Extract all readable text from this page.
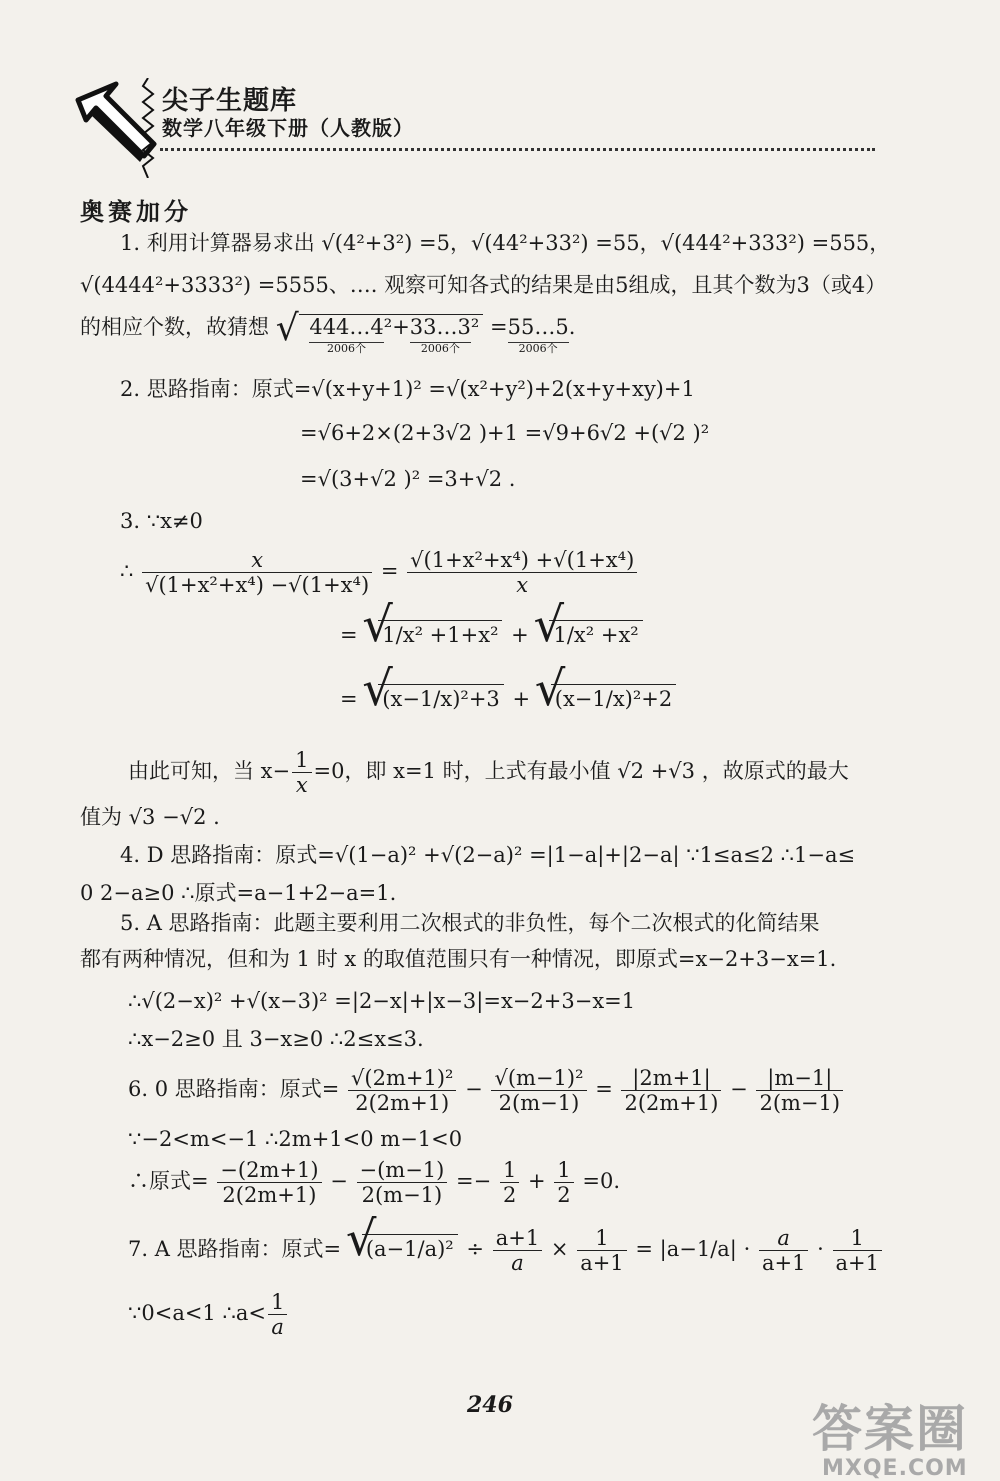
尖子生题库
数学八年级下册（人教版）
奥赛加分
1. 利用计算器易求出 √(4²+3²) =5，√(44²+33²) =55，√(444²+333²) =555，
√(4444²+3333²) =5555、…. 观察可知各式的结果是由5组成，且其个数为3（或4）
的相应个数，故猜想 √ 444…4
2006个
²+33…3
2006个
² =55…5
2006个
.
2. 思路指南：原式=√(x+y+1)² =√(x²+y²)+2(x+y+xy)+1
=√6+2×(2+3√2 )+1 =√9+6√2 +(√2 )²
=√(3+√2 )² =3+√2 .
3. ∵x≠0
∴ $\frac{x}{\text{√(1+x²+x⁴) −√(1+x⁴)}} = \frac{\text{√(1+x²+x⁴) +√(1+x⁴)}}{x}$
= √ 1/x² +1+x² + √ 1/x² +x²
= √ (x−1/x)²+3 + √ (x−1/x)²+2
由此可知，当 $x- \frac{1}{x} =0$，即 x=1 时，上式有最小值 √2 +√3 ，故原式的最大
值为 √3 −√2 .
4. D 思路指南：原式=√(1−a)² +√(2−a)² =|1−a|+|2−a| ∵1≤a≤2 ∴1−a≤
0 2−a≥0 ∴原式=a−1+2−a=1.
5. A 思路指南：此题主要利用二次根式的非负性，每个二次根式的化简结果
都有两种情况，但和为 1 时 x 的取值范围只有一种情况，即原式=x−2+3−x=1.
∴√(2−x)² +√(x−3)² =|2−x|+|x−3|=x−2+3−x=1
∴x−2≥0 且 3−x≥0 ∴2≤x≤3.
6. 0 思路指南：原式= $\frac{\text{√(2m+1)²}}{2(2m+1)} - \frac{\text{√(m−1)²}}{2(m-1)} = \frac{|2m+1|}{2(2m+1)} - \frac{|m-1|}{2(m-1)}$
∵−2<m<−1 ∴2m+1<0 m−1<0
∴原式= $\frac{-(2m+1)}{2(2m+1)} - \frac{-(m-1)}{2(m-1)} =- \frac{1}{2} + \frac{1}{2} =0$.
7. A 思路指南：原式= √ $(a-1/a)^2 \div \frac{a+1}{a} \times \frac{1}{a+1} = |a-1/a| \cdot \frac{a}{a+1} \cdot \frac{1}{a+1}$
∵0<a<1 ∴a< $\frac{1}{a}$
246	答案圈
MXQE.COM
